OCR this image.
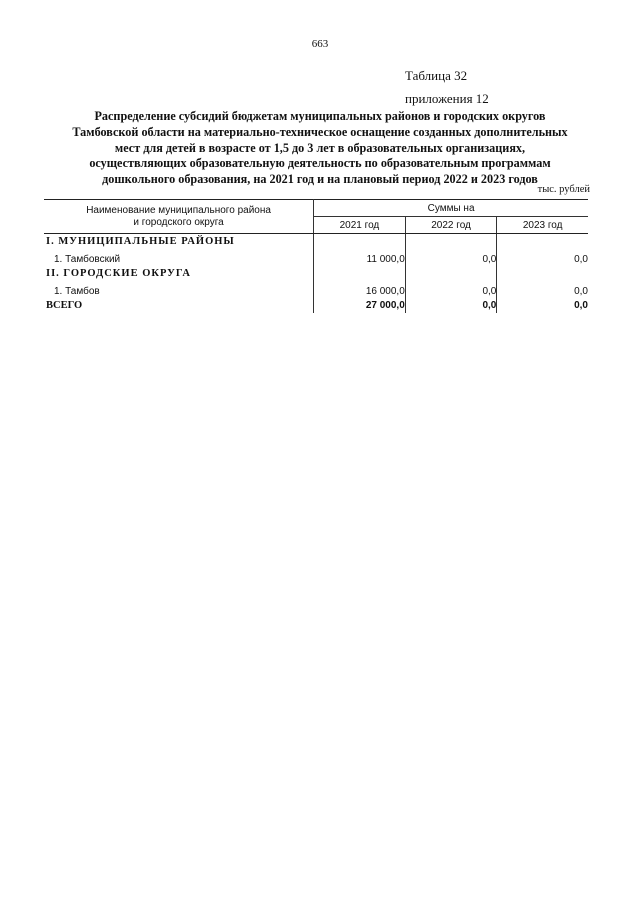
663
Таблица 32
приложения 12
Распределение субсидий бюджетам муниципальных районов и городских округов
Тамбовской области на материально-техническое оснащение созданных дополнительных
мест для детей в возрасте от 1,5 до 3 лет в образовательных организациях,
осуществляющих образовательную деятельность по образовательным программам
дошкольного образования, на 2021 год и на плановый период 2022 и 2023 годов
тыс. рублей
Наименование муниципального района
и городского округа	Суммы на		
	2021 год	2022 год	2023 год
I. МУНИЦИПАЛЬНЫЕ РАЙОНЫ			
1. Тамбовский	11 000,0	0,0	0,0
II. ГОРОДСКИЕ ОКРУГА			
1. Тамбов	16 000,0	0,0	0,0
ВСЕГО	27 000,0	0,0	0,0
